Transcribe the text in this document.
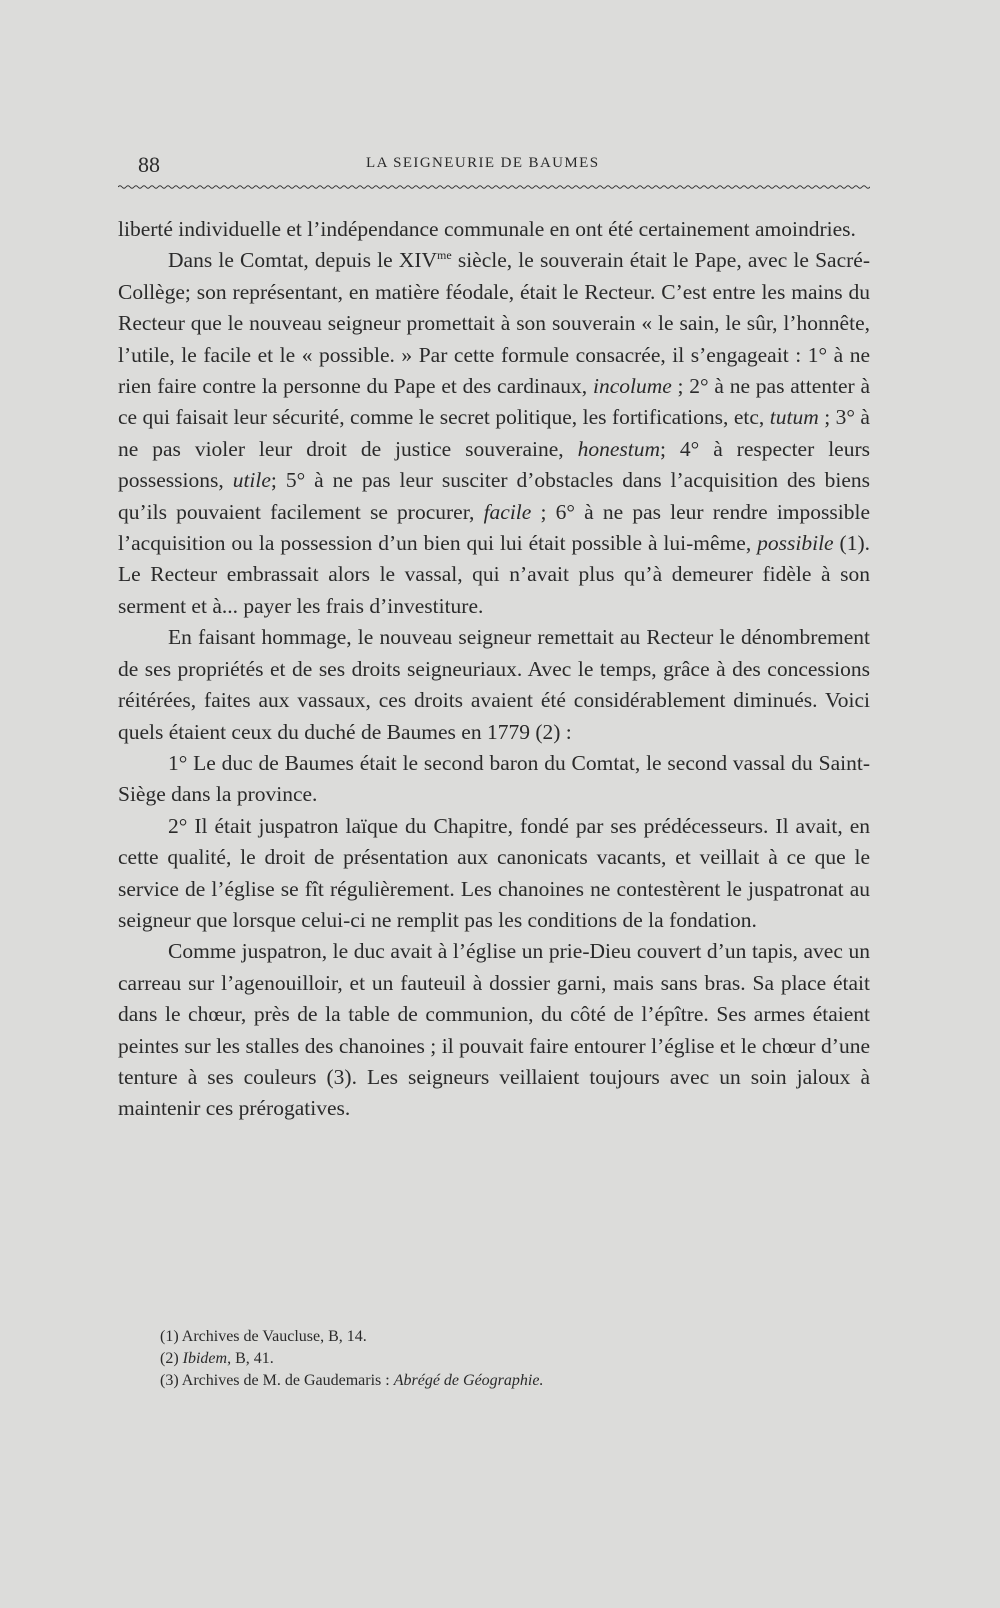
88	LA SEIGNEURIE DE BAUMES

liberté individuelle et l’indépendance communale en ont été certainement amoindries.

Dans le Comtat, depuis le $XIV^{me}$ siècle, le souverain était le Pape, avec le Sacré-Collège; son représentant, en matière féodale, était le Recteur. C’est entre les mains du Recteur que le nouveau seigneur promettait à son souverain « le sain, le sûr, l’honnête, l’utile, le facile et le « possible. » Par cette formule consacrée, il s’engageait : 1° à ne rien faire contre la personne du Pape et des cardinaux, incolume ; 2° à ne pas attenter à ce qui faisait leur sécurité, comme le secret politique, les fortifications, etc, tutum ; 3° à ne pas violer leur droit de justice souveraine, honestum; 4° à respecter leurs possessions, utile; 5° à ne pas leur susciter d’obstacles dans l’acquisition des biens qu’ils pouvaient facilement se procurer, facile ; 6° à ne pas leur rendre impossible l’acquisition ou la possession d’un bien qui lui était possible à lui-même, possibile (1). Le Recteur embrassait alors le vassal, qui n’avait plus qu’à demeurer fidèle à son serment et à... payer les frais d’investiture.

En faisant hommage, le nouveau seigneur remettait au Recteur le dénombrement de ses propriétés et de ses droits seigneuriaux. Avec le temps, grâce à des concessions réitérées, faites aux vassaux, ces droits avaient été considérablement diminués. Voici quels étaient ceux du duché de Baumes en 1779 (2) :

1° Le duc de Baumes était le second baron du Comtat, le second vassal du Saint-Siège dans la province.

2° Il était juspatron laïque du Chapitre, fondé par ses prédécesseurs. Il avait, en cette qualité, le droit de présentation aux canonicats vacants, et veillait à ce que le service de l’église se fît régulièrement. Les chanoines ne contestèrent le juspatronat au seigneur que lorsque celui-ci ne remplit pas les conditions de la fondation.

Comme juspatron, le duc avait à l’église un prie-Dieu couvert d’un tapis, avec un carreau sur l’agenouilloir, et un fauteuil à dossier garni, mais sans bras. Sa place était dans le chœur, près de la table de communion, du côté de l’épître. Ses armes étaient peintes sur les stalles des chanoines ; il pouvait faire entourer l’église et le chœur d’une tenture à ses couleurs (3). Les seigneurs veillaient toujours avec un soin jaloux à maintenir ces prérogatives.

(1) Archives de Vaucluse, B, 14.
(2) Ibidem, B, 41.
(3) Archives de M. de Gaudemaris : Abrégé de Géographie.
